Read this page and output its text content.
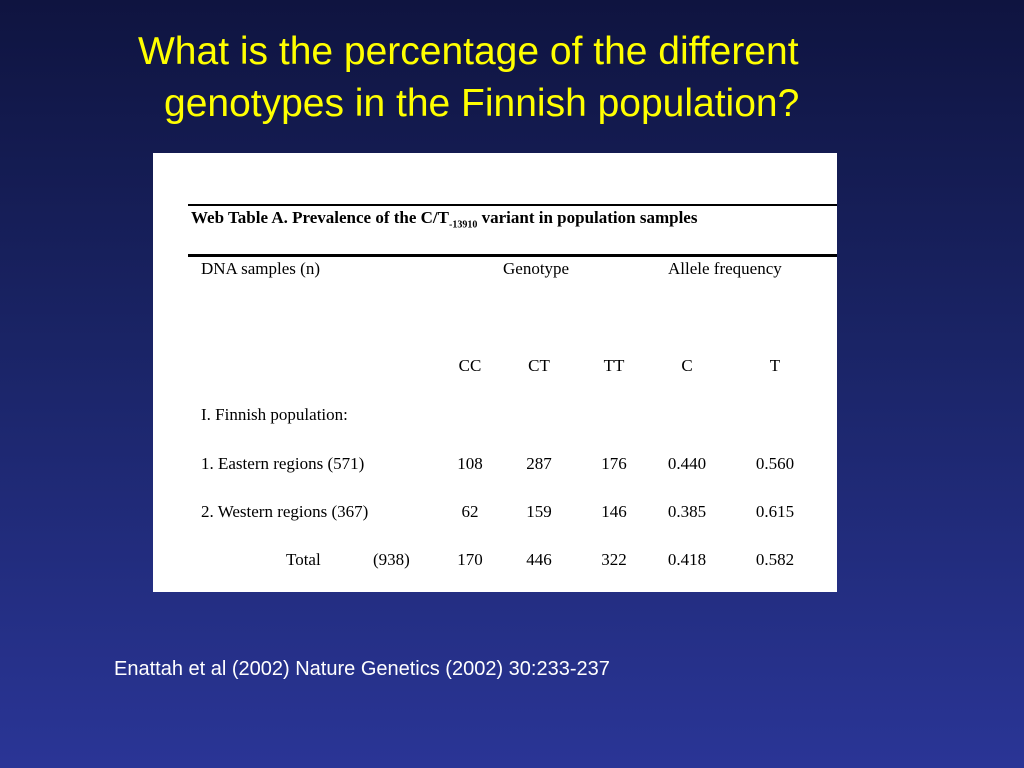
What is the percentage of the different
genotypes in the Finnish population?
Web Table A. Prevalence of the $C/T_{-13910}$ variant in population samples
DNA samples (n)	Genotype	Allele frequency
CC	CT	TT	C	T
I. Finnish population:
1. Eastern regions (571)	108	287	176	0.440	0.560
2. Western regions (367)	62	159	146	0.385	0.615
Total	(938)	170	446	322	0.418	0.582
Enattah et al (2002) Nature Genetics (2002) 30:233-237
